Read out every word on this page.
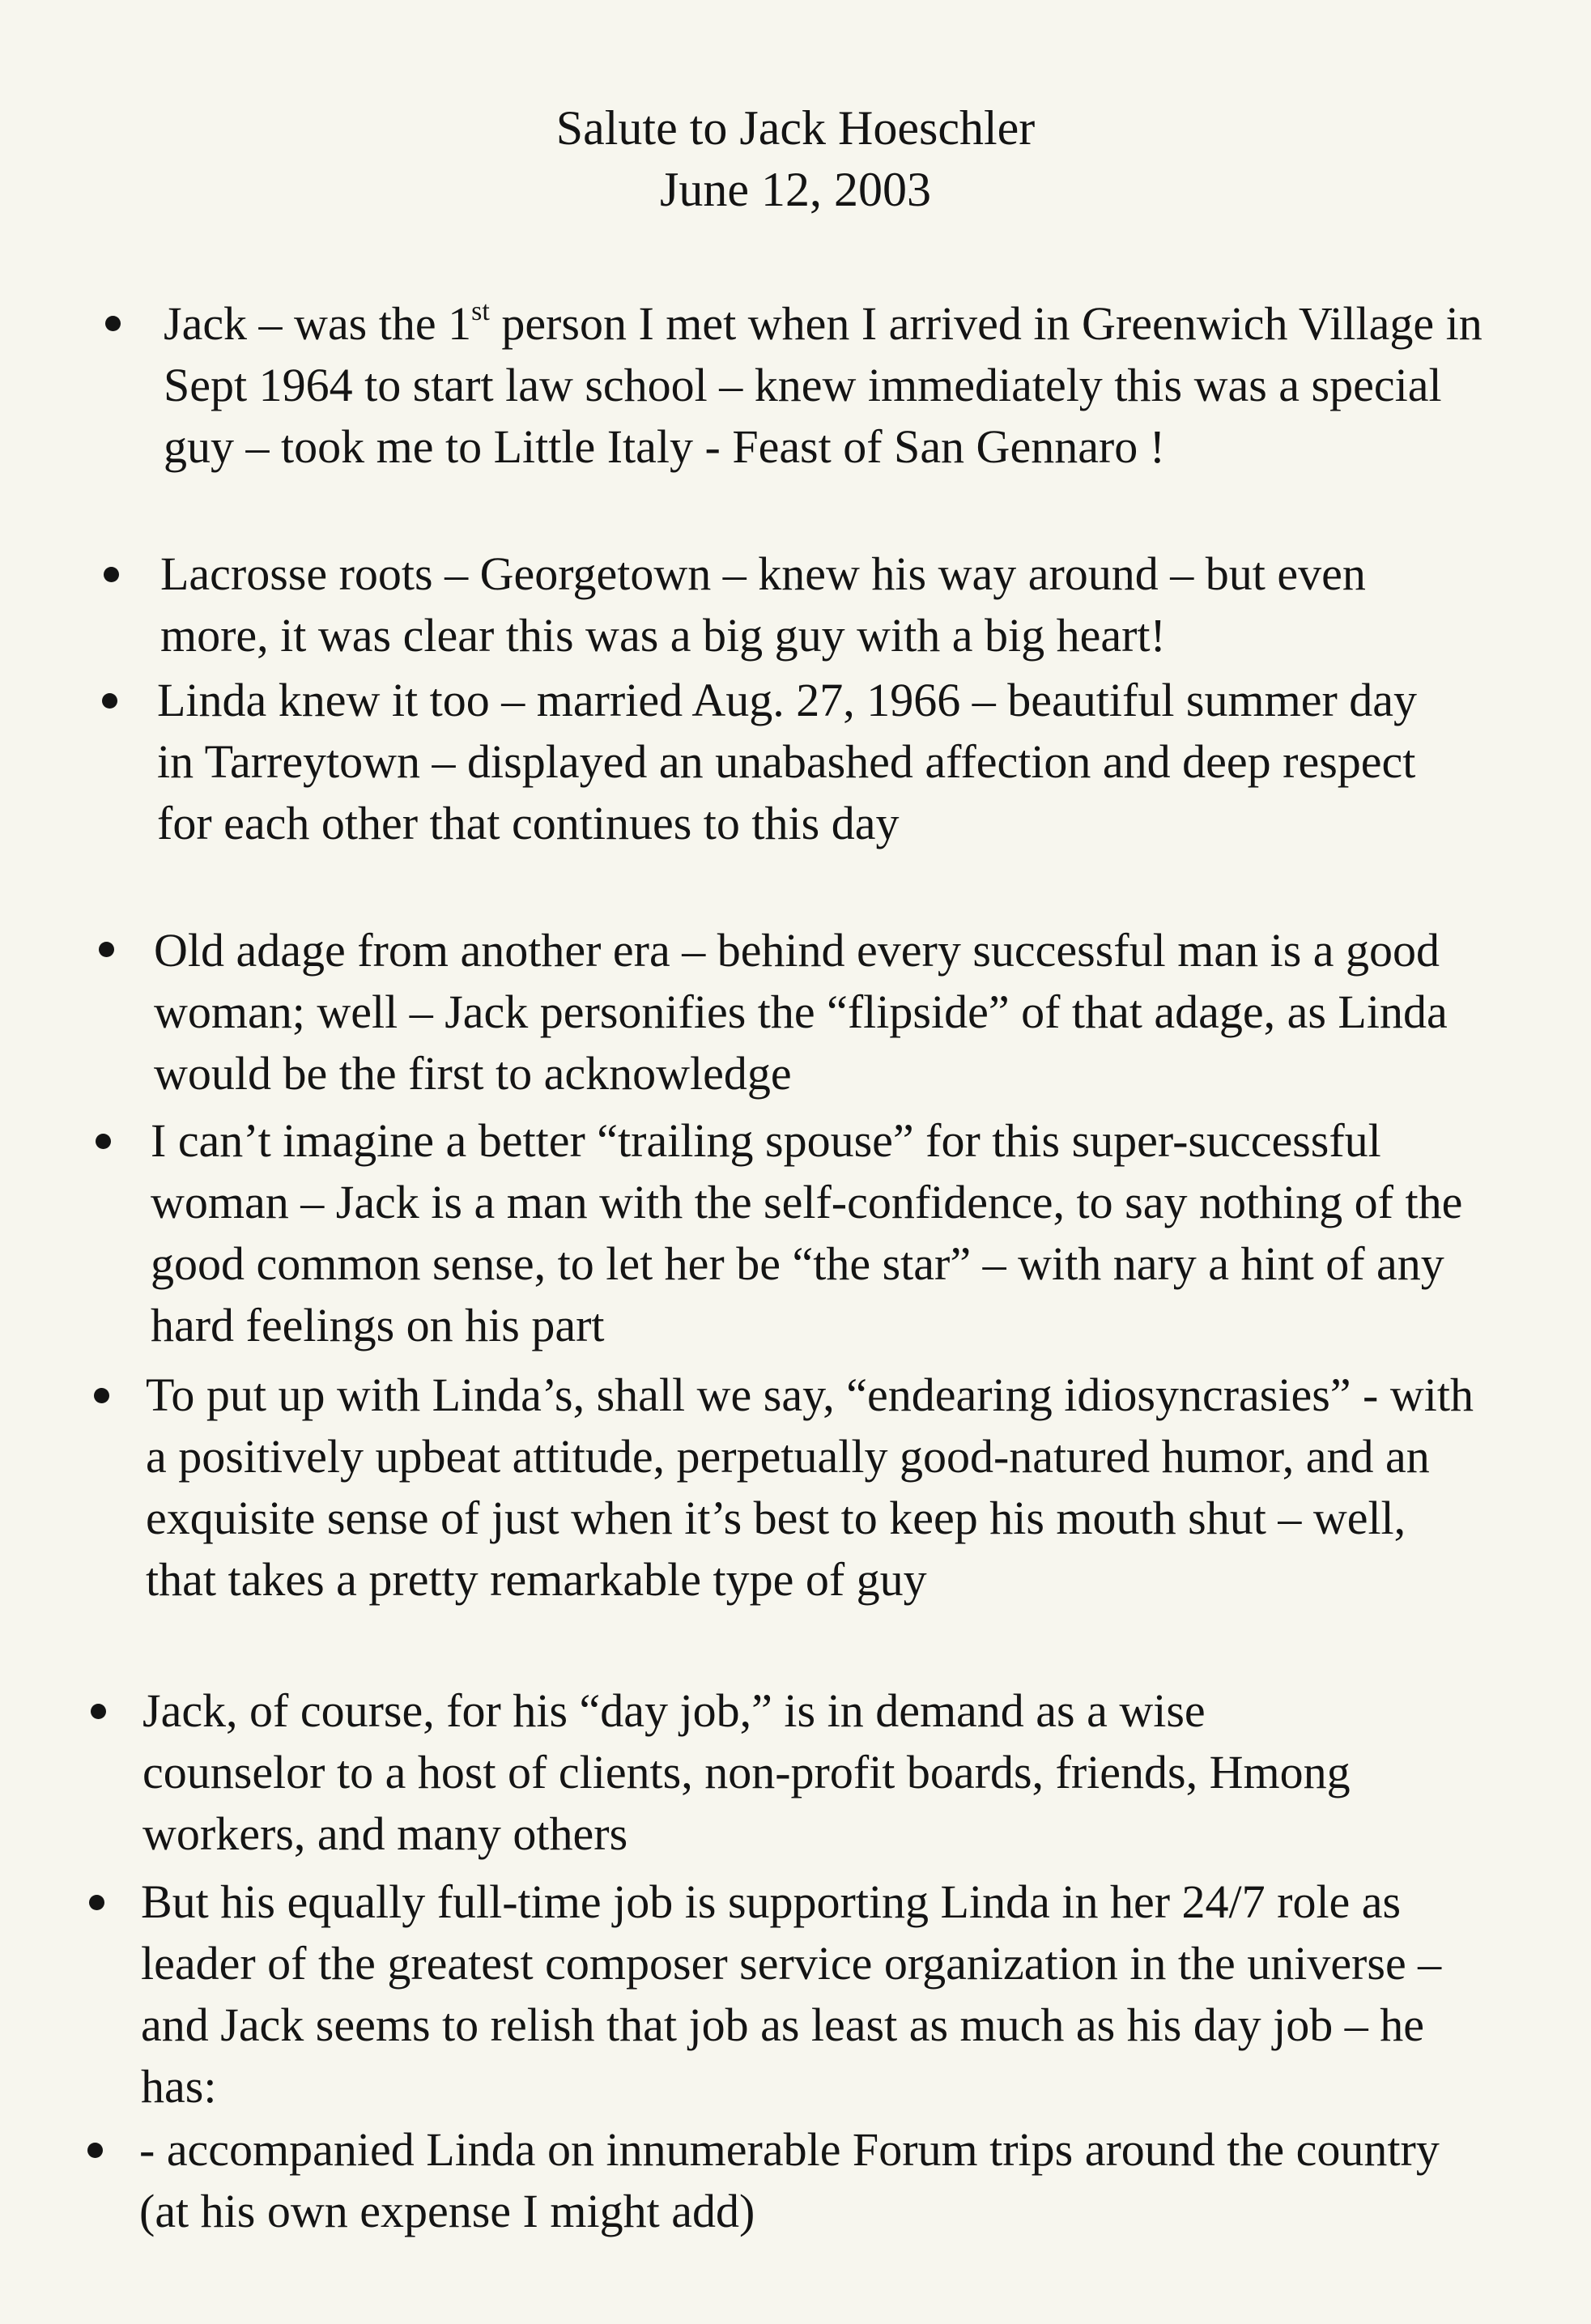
Salute to Jack Hoeschler
June 12, 2003
Jack – was the 1st person I met when I arrived in Greenwich Village in Sept 1964 to start law school – knew immediately this was a special guy – took me to Little Italy - Feast of San Gennaro !
Lacrosse roots – Georgetown – knew his way around – but even more, it was clear this was a big guy with a big heart!
Linda knew it too – married Aug. 27, 1966 – beautiful summer day in Tarreytown – displayed an unabashed affection and deep respect for each other that continues to this day
Old adage from another era – behind every successful man is a good woman; well – Jack personifies the “flipside” of that adage, as Linda would be the first to acknowledge
I can’t imagine a better “trailing spouse” for this super-successful woman – Jack is a man with the self-confidence, to say nothing of the good common sense, to let her be “the star” – with nary a hint of any hard feelings on his part
To put up with Linda’s, shall we say, “endearing idiosyncrasies” - with a positively upbeat attitude, perpetually good-natured humor, and an exquisite sense of just when it’s best to keep his mouth shut – well, that takes a pretty remarkable type of guy
Jack, of course, for his “day job,” is in demand as a wise counselor to a host of clients, non-profit boards, friends, Hmong workers, and many others
But his equally full-time job is supporting Linda in her 24/7 role as leader of the greatest composer service organization in the universe – and Jack seems to relish that job as least as much as his day job – he has:
- accompanied Linda on innumerable Forum trips around the country (at his own expense I might add)
